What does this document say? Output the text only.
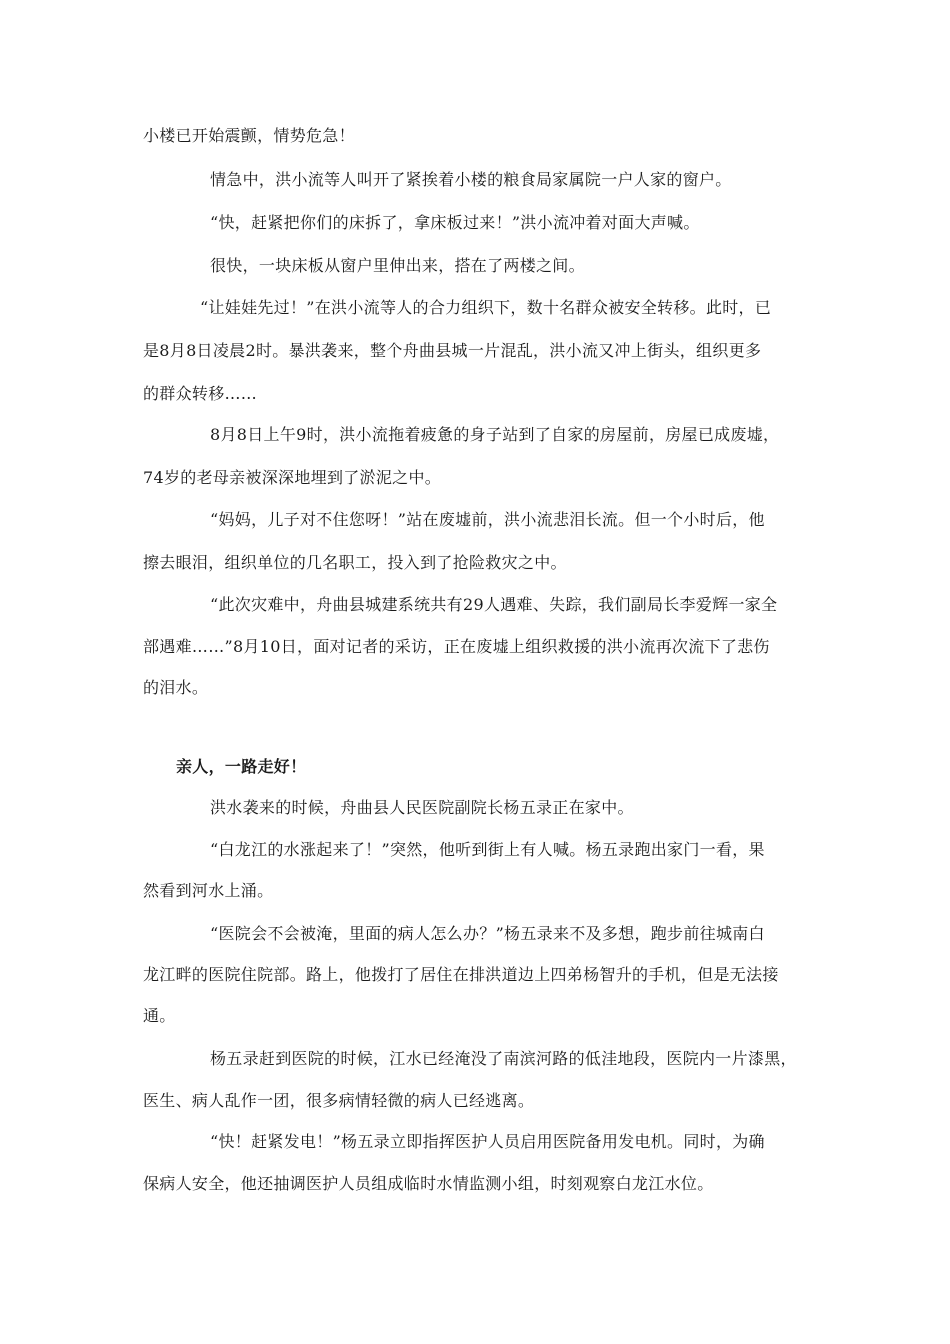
小楼已开始震颤，情势危急！
情急中，洪小流等人叫开了紧挨着小楼的粮食局家属院一户人家的窗户。
“快，赶紧把你们的床拆了，拿床板过来！”洪小流冲着对面大声喊。
很快，一块床板从窗户里伸出来，搭在了两楼之间。
“让娃娃先过！”在洪小流等人的合力组织下，数十名群众被安全转移。此时，已
是8月8日凌晨2时。暴洪袭来，整个舟曲县城一片混乱，洪小流又冲上街头，组织更多
的群众转移……
8月8日上午9时，洪小流拖着疲惫的身子站到了自家的房屋前，房屋已成废墟，
74岁的老母亲被深深地埋到了淤泥之中。
“妈妈，儿子对不住您呀！”站在废墟前，洪小流悲泪长流。但一个小时后，他
擦去眼泪，组织单位的几名职工，投入到了抢险救灾之中。
“此次灾难中，舟曲县城建系统共有29人遇难、失踪，我们副局长李爱辉一家全
部遇难……”8月10日，面对记者的采访，正在废墟上组织救援的洪小流再次流下了悲伤
的泪水。
亲人，一路走好！
洪水袭来的时候，舟曲县人民医院副院长杨五录正在家中。
“白龙江的水涨起来了！”突然，他听到街上有人喊。杨五录跑出家门一看，果
然看到河水上涌。
“医院会不会被淹，里面的病人怎么办？”杨五录来不及多想，跑步前往城南白
龙江畔的医院住院部。路上，他拨打了居住在排洪道边上四弟杨智升的手机，但是无法接
通。
杨五录赶到医院的时候，江水已经淹没了南滨河路的低洼地段，医院内一片漆黑，
医生、病人乱作一团，很多病情轻微的病人已经逃离。
“快！赶紧发电！”杨五录立即指挥医护人员启用医院备用发电机。同时，为确
保病人安全，他还抽调医护人员组成临时水情监测小组，时刻观察白龙江水位。
